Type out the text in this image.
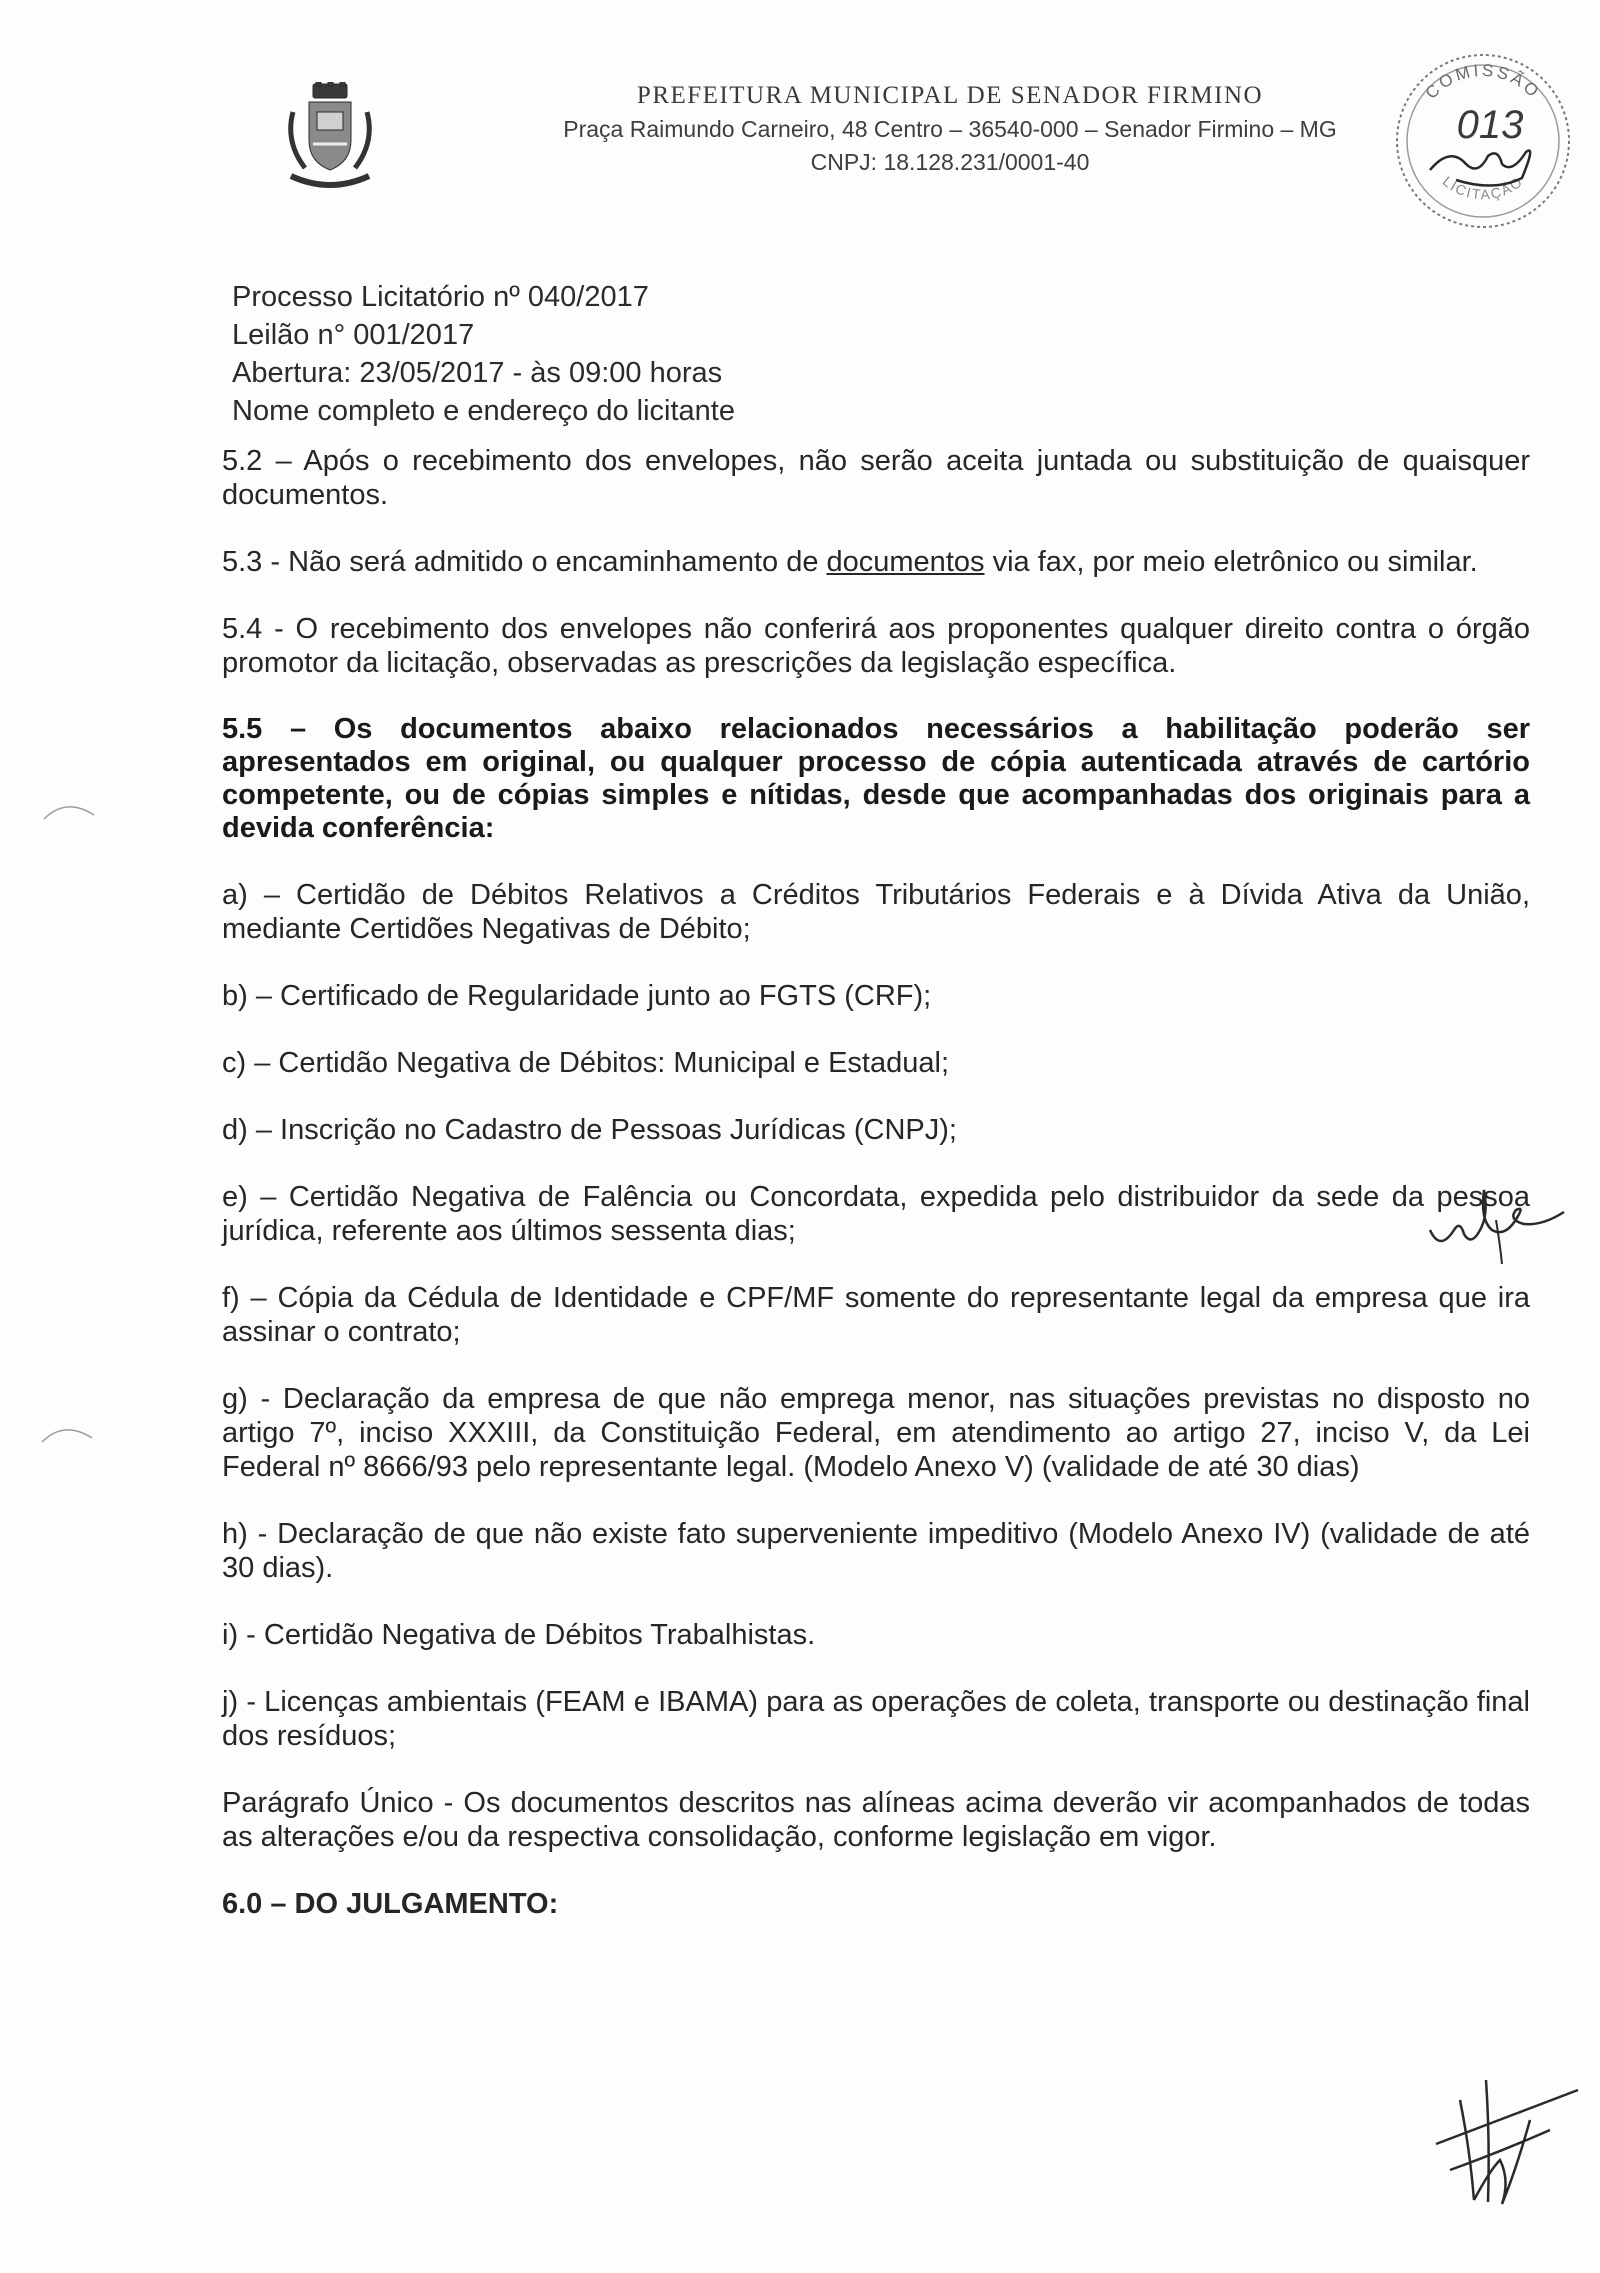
PREFEITURA MUNICIPAL DE SENADOR FIRMINO
Praça Raimundo Carneiro, 48 Centro – 36540-000 – Senador Firmino – MG
CNPJ: 18.128.231/0001-40
COMISSÃO
LICITAÇÃO
013
Processo Licitatório nº 040/2017
Leilão n° 001/2017
Abertura: 23/05/2017 - às 09:00 horas
Nome completo e endereço do licitante

5.2 – Após o recebimento dos envelopes, não serão aceita juntada ou substituição de quaisquer documentos.

5.3 - Não será admitido o encaminhamento de documentos via fax, por meio eletrônico ou similar.

5.4 - O recebimento dos envelopes não conferirá aos proponentes qualquer direito contra o órgão promotor da licitação, observadas as prescrições da legislação específica.

5.5 – Os documentos abaixo relacionados necessários a habilitação poderão ser apresentados em original, ou qualquer processo de cópia autenticada através de cartório competente, ou de cópias simples e nítidas, desde que acompanhadas dos originais para a devida conferência:

a) – Certidão de Débitos Relativos a Créditos Tributários Federais e à Dívida Ativa da União, mediante Certidões Negativas de Débito;

b) – Certificado de Regularidade junto ao FGTS (CRF);

c) – Certidão Negativa de Débitos: Municipal e Estadual;

d) – Inscrição no Cadastro de Pessoas Jurídicas (CNPJ);

e) – Certidão Negativa de Falência ou Concordata, expedida pelo distribuidor da sede da pessoa jurídica, referente aos últimos sessenta dias;

f) – Cópia da Cédula de Identidade e CPF/MF somente do representante legal da empresa que ira assinar o contrato;

g) - Declaração da empresa de que não emprega menor, nas situações previstas no disposto no artigo 7º, inciso XXXIII, da Constituição Federal, em atendimento ao artigo 27, inciso V, da Lei Federal nº 8666/93 pelo representante legal. (Modelo Anexo V) (validade de até 30 dias)

h) - Declaração de que não existe fato superveniente impeditivo (Modelo Anexo IV) (validade de até 30 dias).

i) - Certidão Negativa de Débitos Trabalhistas.

j) - Licenças ambientais (FEAM e IBAMA) para as operações de coleta, transporte ou destinação final dos resíduos;

Parágrafo Único - Os documentos descritos nas alíneas acima deverão vir acompanhados de todas as alterações e/ou da respectiva consolidação, conforme legislação em vigor.

6.0 – DO JULGAMENTO:
